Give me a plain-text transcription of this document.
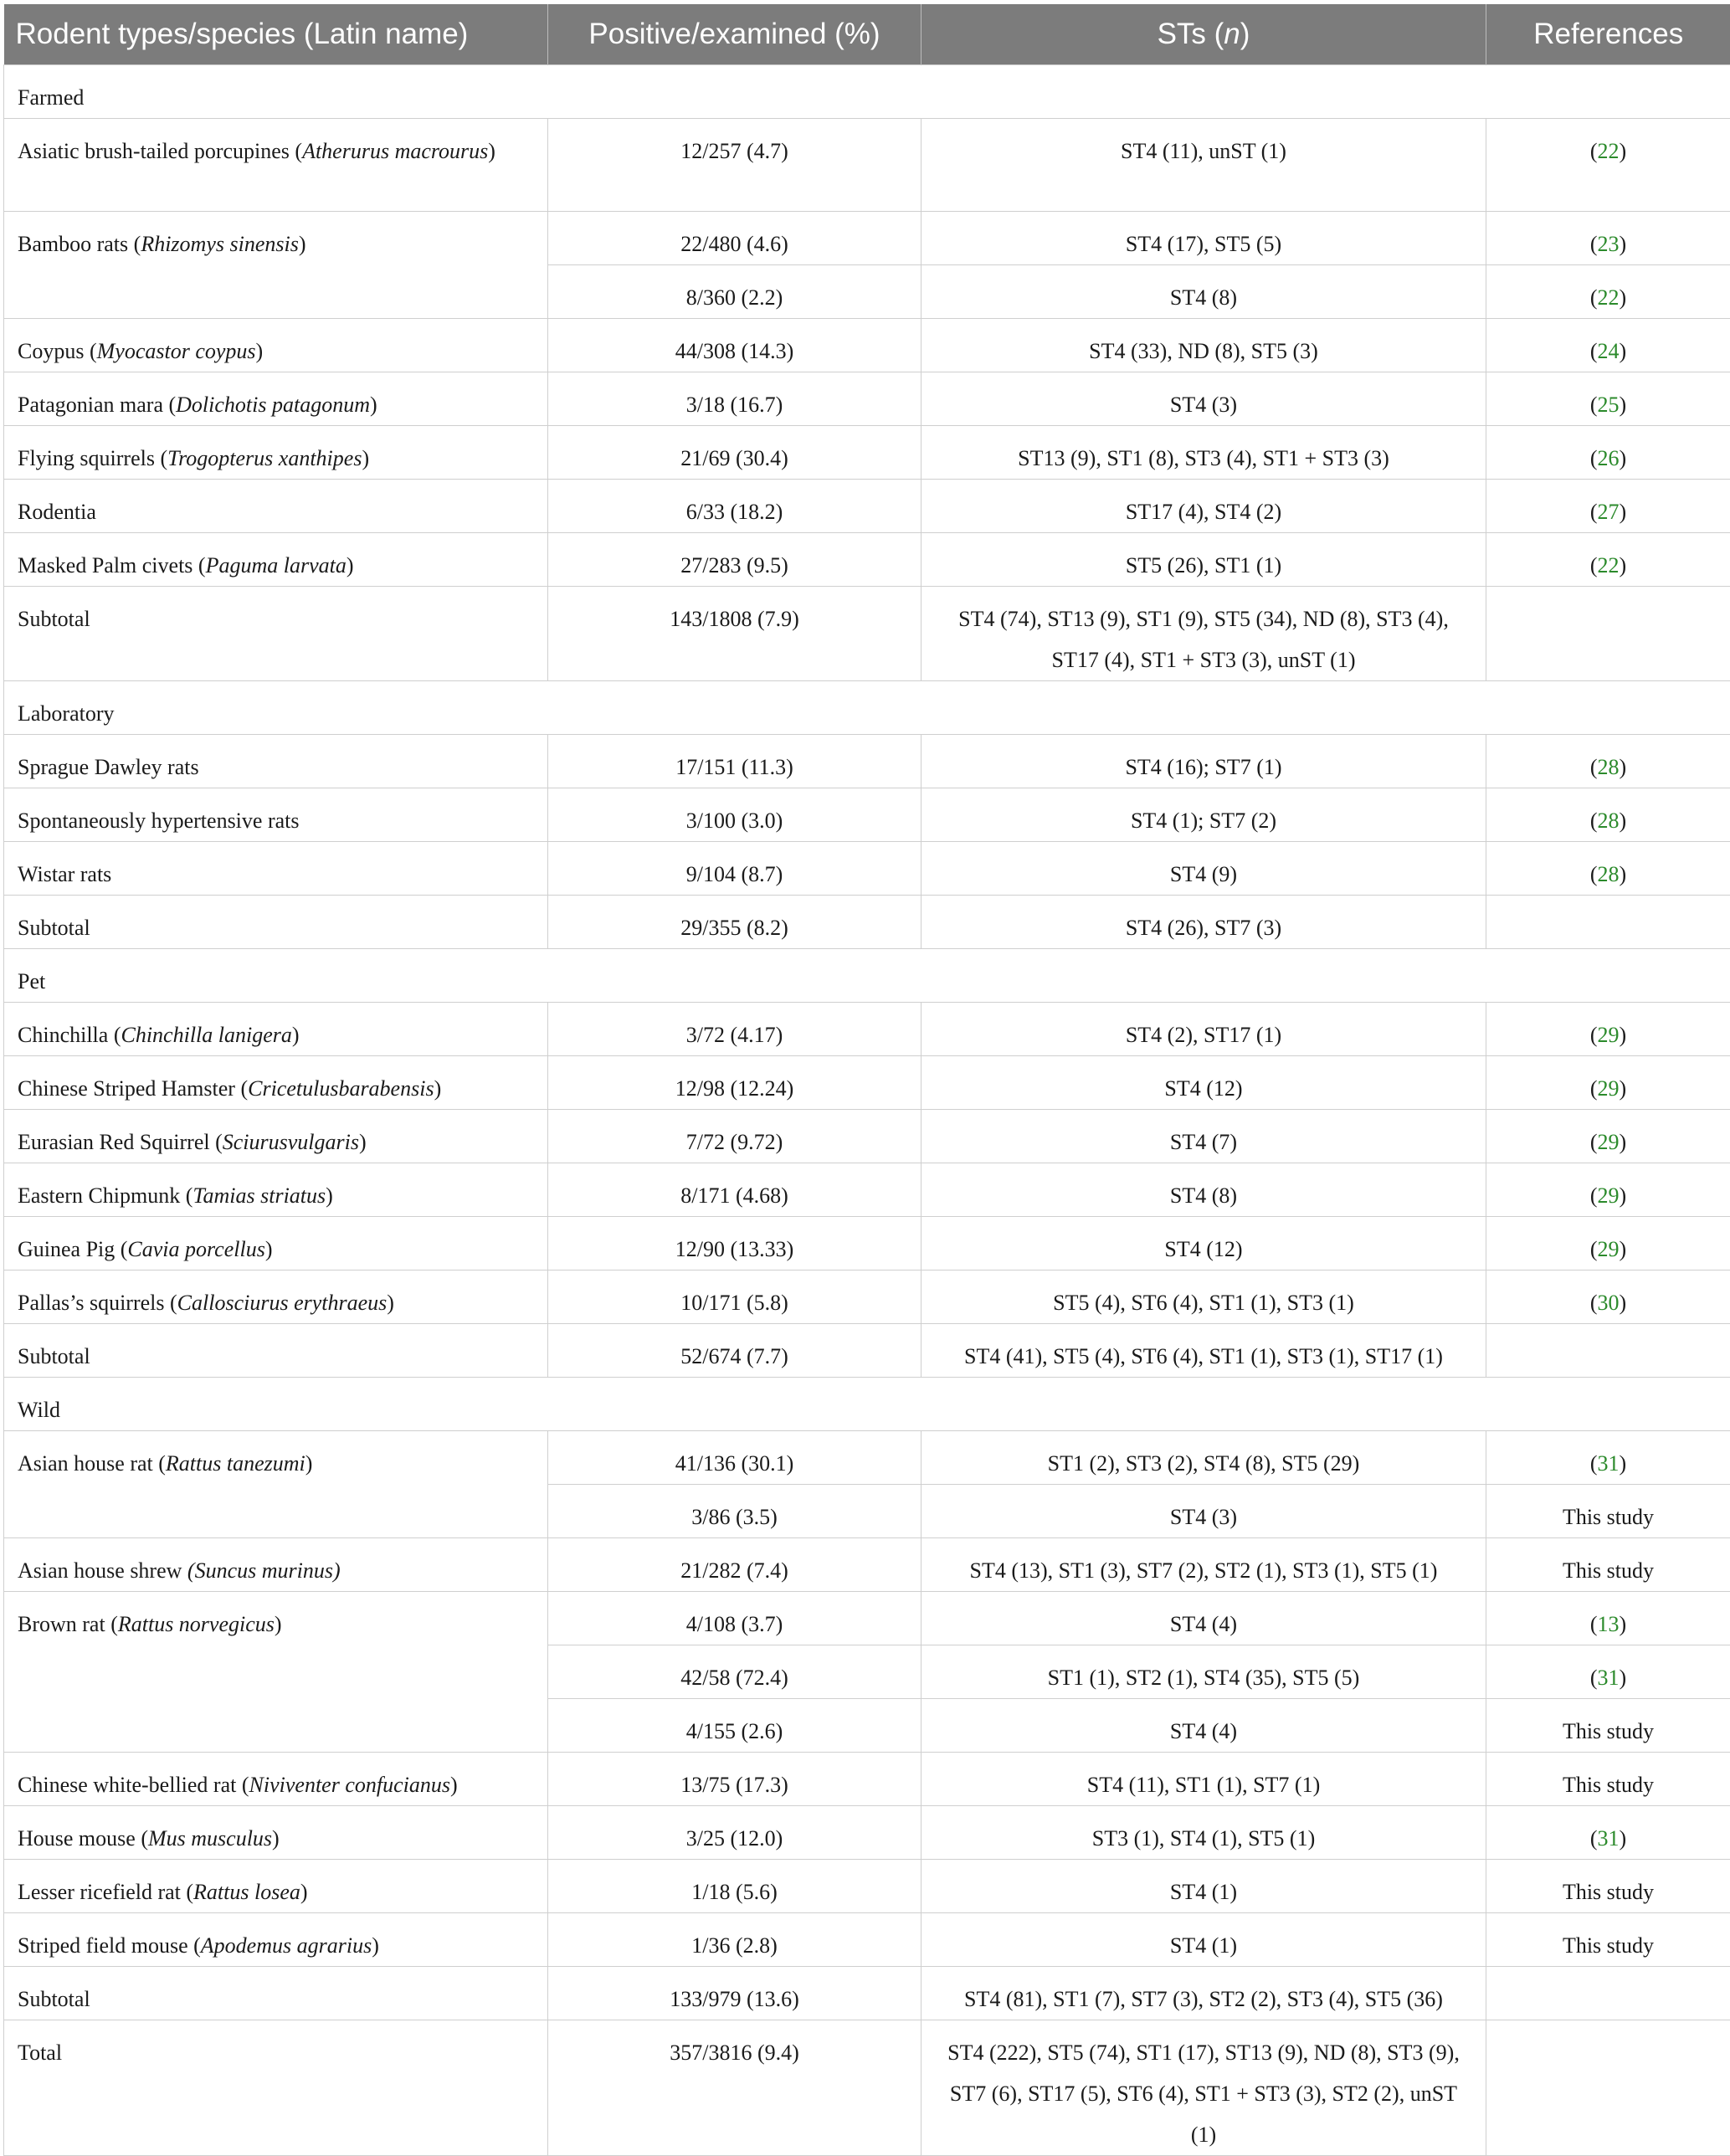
Rodent types/species (Latin name)	Positive/examined (%)	STs (n)	References
Farmed			
Asiatic brush-tailed porcupines (Atherurus macrourus)	12/257 (4.7)	ST4 (11), unST (1)	(22)
Bamboo rats (Rhizomys sinensis)	22/480 (4.6)	ST4 (17), ST5 (5)	(23)
	8/360 (2.2)	ST4 (8)	(22)
Coypus (Myocastor coypus)	44/308 (14.3)	ST4 (33), ND (8), ST5 (3)	(24)
Patagonian mara (Dolichotis patagonum)	3/18 (16.7)	ST4 (3)	(25)
Flying squirrels (Trogopterus xanthipes)	21/69 (30.4)	ST13 (9), ST1 (8), ST3 (4), ST1 + ST3 (3)	(26)
Rodentia	6/33 (18.2)	ST17 (4), ST4 (2)	(27)
Masked Palm civets (Paguma larvata)	27/283 (9.5)	ST5 (26), ST1 (1)	(22)
Subtotal	143/1808 (7.9)	ST4 (74), ST13 (9), ST1 (9), ST5 (34), ND (8), ST3 (4), ST17 (4), ST1 + ST3 (3), unST (1)	
Laboratory			
Sprague Dawley rats	17/151 (11.3)	ST4 (16); ST7 (1)	(28)
Spontaneously hypertensive rats	3/100 (3.0)	ST4 (1); ST7 (2)	(28)
Wistar rats	9/104 (8.7)	ST4 (9)	(28)
Subtotal	29/355 (8.2)	ST4 (26), ST7 (3)	
Pet			
Chinchilla (Chinchilla lanigera)	3/72 (4.17)	ST4 (2), ST17 (1)	(29)
Chinese Striped Hamster (Cricetulusbarabensis)	12/98 (12.24)	ST4 (12)	(29)
Eurasian Red Squirrel (Sciurusvulgaris)	7/72 (9.72)	ST4 (7)	(29)
Eastern Chipmunk (Tamias striatus)	8/171 (4.68)	ST4 (8)	(29)
Guinea Pig (Cavia porcellus)	12/90 (13.33)	ST4 (12)	(29)
Pallas’s squirrels (Callosciurus erythraeus)	10/171 (5.8)	ST5 (4), ST6 (4), ST1 (1), ST3 (1)	(30)
Subtotal	52/674 (7.7)	ST4 (41), ST5 (4), ST6 (4), ST1 (1), ST3 (1), ST17 (1)	
Wild			
Asian house rat (Rattus tanezumi)	41/136 (30.1)	ST1 (2), ST3 (2), ST4 (8), ST5 (29)	(31)
	3/86 (3.5)	ST4 (3)	This study
Asian house shrew (Suncus murinus)	21/282 (7.4)	ST4 (13), ST1 (3), ST7 (2), ST2 (1), ST3 (1), ST5 (1)	This study
Brown rat (Rattus norvegicus)	4/108 (3.7)	ST4 (4)	(13)
	42/58 (72.4)	ST1 (1), ST2 (1), ST4 (35), ST5 (5)	(31)
	4/155 (2.6)	ST4 (4)	This study
Chinese white-bellied rat (Niviventer confucianus)	13/75 (17.3)	ST4 (11), ST1 (1), ST7 (1)	This study
House mouse (Mus musculus)	3/25 (12.0)	ST3 (1), ST4 (1), ST5 (1)	(31)
Lesser ricefield rat (Rattus losea)	1/18 (5.6)	ST4 (1)	This study
Striped field mouse (Apodemus agrarius)	1/36 (2.8)	ST4 (1)	This study
Subtotal	133/979 (13.6)	ST4 (81), ST1 (7), ST7 (3), ST2 (2), ST3 (4), ST5 (36)	
Total	357/3816 (9.4)	ST4 (222), ST5 (74), ST1 (17), ST13 (9), ND (8), ST3 (9), ST7 (6), ST17 (5), ST6 (4), ST1 + ST3 (3), ST2 (2), unST (1)	
